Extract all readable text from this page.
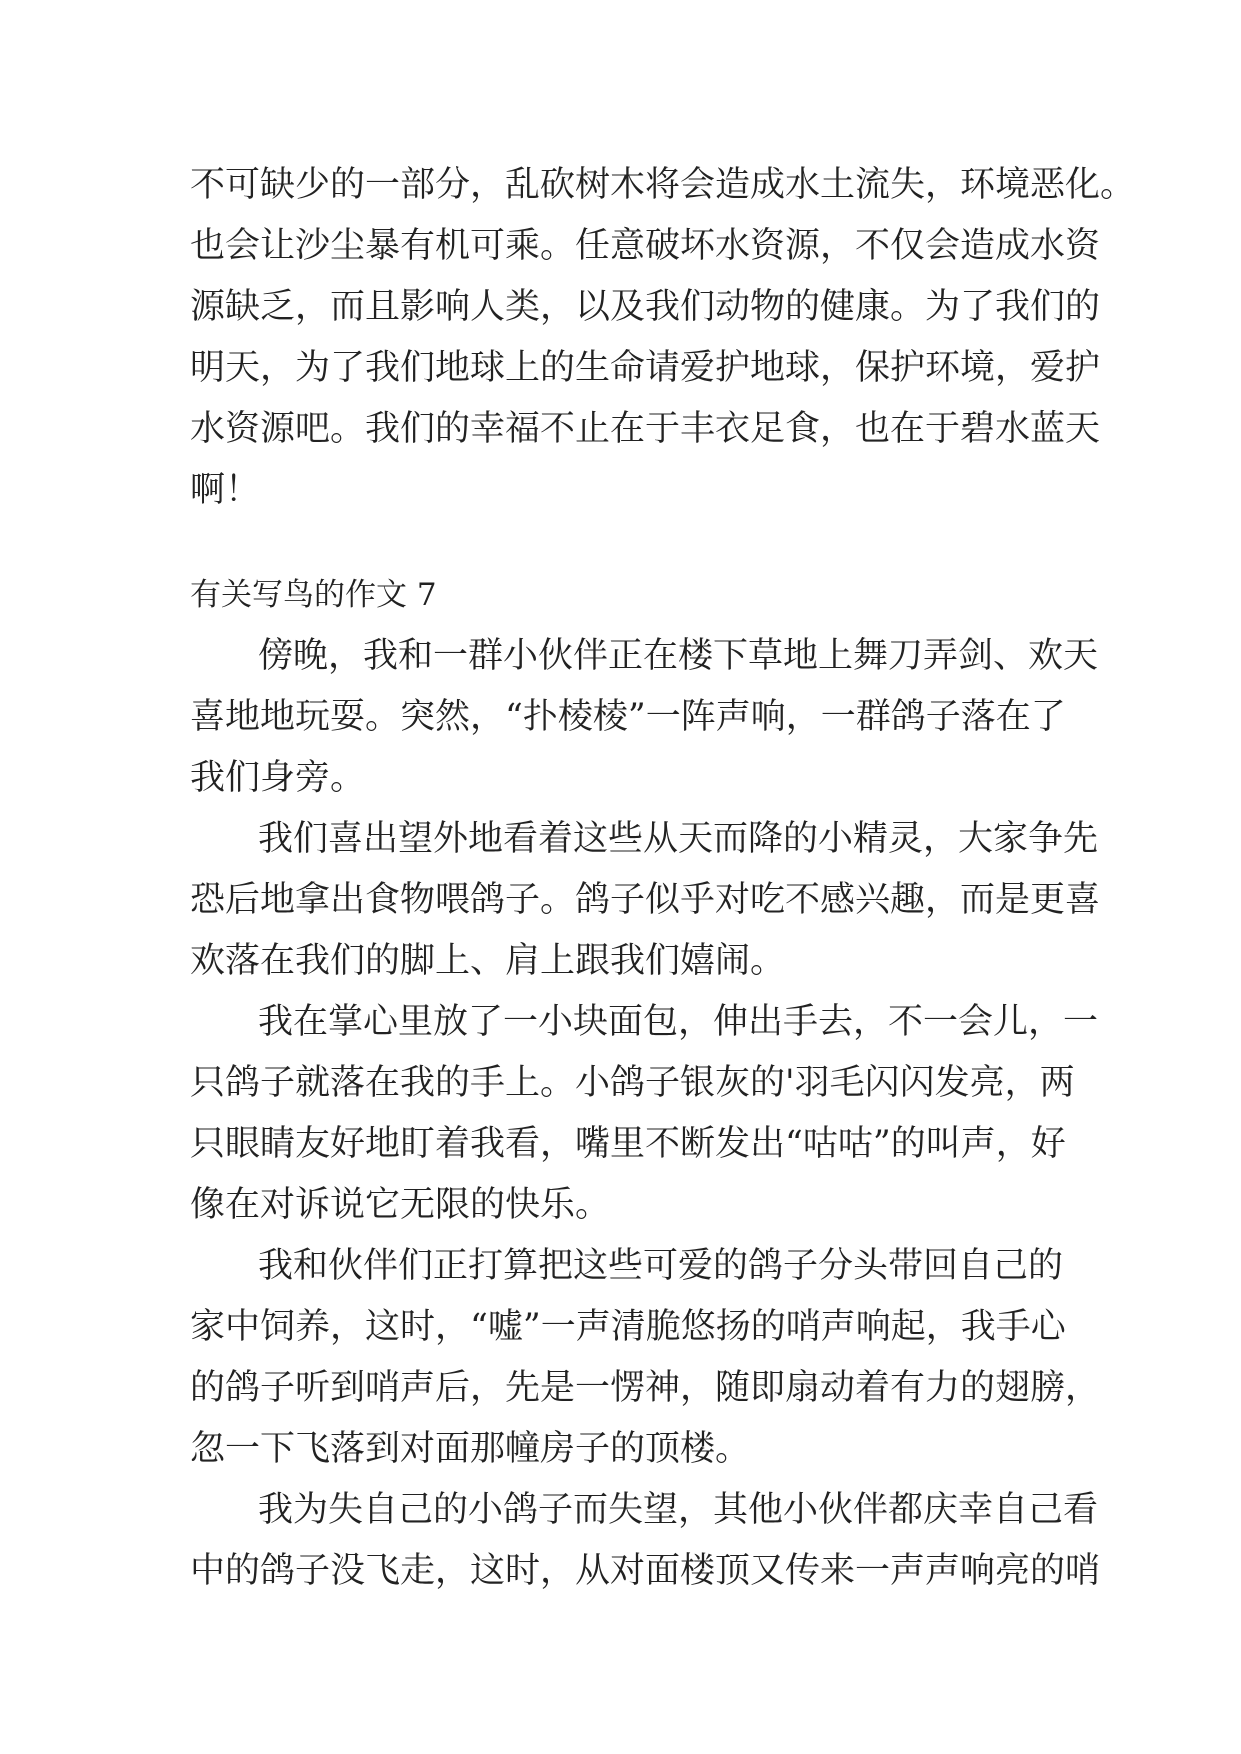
不可缺少的一部分，乱砍树木将会造成水土流失，环境恶化。
也会让沙尘暴有机可乘。任意破坏水资源，不仅会造成水资
源缺乏，而且影响人类，以及我们动物的健康。为了我们的
明天，为了我们地球上的生命请爱护地球，保护环境，爱护
水资源吧。我们的幸福不止在于丰衣足食，也在于碧水蓝天
啊！
有关写鸟的作文 7
傍晚，我和一群小伙伴正在楼下草地上舞刀弄剑、欢天
喜地地玩耍。突然，“扑棱棱”一阵声响，一群鸽子落在了
我们身旁。
我们喜出望外地看着这些从天而降的小精灵，大家争先
恐后地拿出食物喂鸽子。鸽子似乎对吃不感兴趣，而是更喜
欢落在我们的脚上、肩上跟我们嬉闹。
我在掌心里放了一小块面包，伸出手去，不一会儿，一
只鸽子就落在我的手上。小鸽子银灰的'羽毛闪闪发亮，两
只眼睛友好地盯着我看，嘴里不断发出“咕咕”的叫声，好
像在对诉说它无限的快乐。
我和伙伴们正打算把这些可爱的鸽子分头带回自己的
家中饲养，这时，“嘘”一声清脆悠扬的哨声响起，我手心
的鸽子听到哨声后，先是一愣神，随即扇动着有力的翅膀，
忽一下飞落到对面那幢房子的顶楼。
我为失自己的小鸽子而失望，其他小伙伴都庆幸自己看
中的鸽子没飞走，这时，从对面楼顶又传来一声声响亮的哨
